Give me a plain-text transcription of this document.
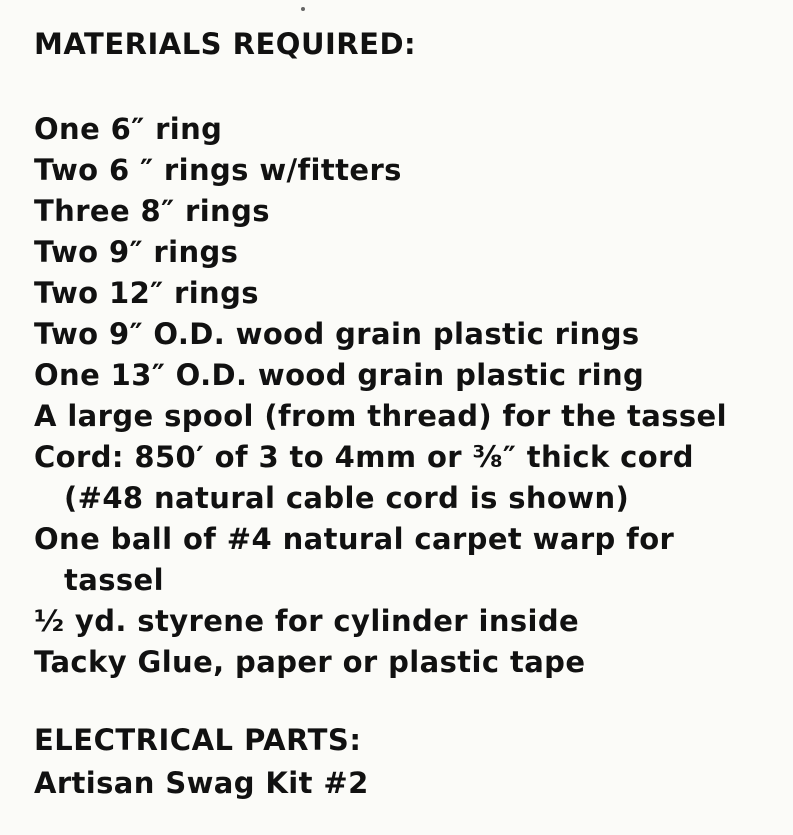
MATERIALS REQUIRED:

One 6″ ring

Two 6 ″ rings w/fitters

Three 8″ rings

Two 9″ rings

Two 12″ rings

Two 9″ O.D. wood grain plastic rings

One 13″ O.D. wood grain plastic ring

A large spool (from thread) for the tassel

Cord: 850′ of 3 to 4mm or ⅜″ thick cord

(#48 natural cable cord is shown)

One ball of #4 natural carpet warp for

tassel

½ yd. styrene for cylinder inside

Tacky Glue, paper or plastic tape

ELECTRICAL PARTS:

Artisan Swag Kit #2
